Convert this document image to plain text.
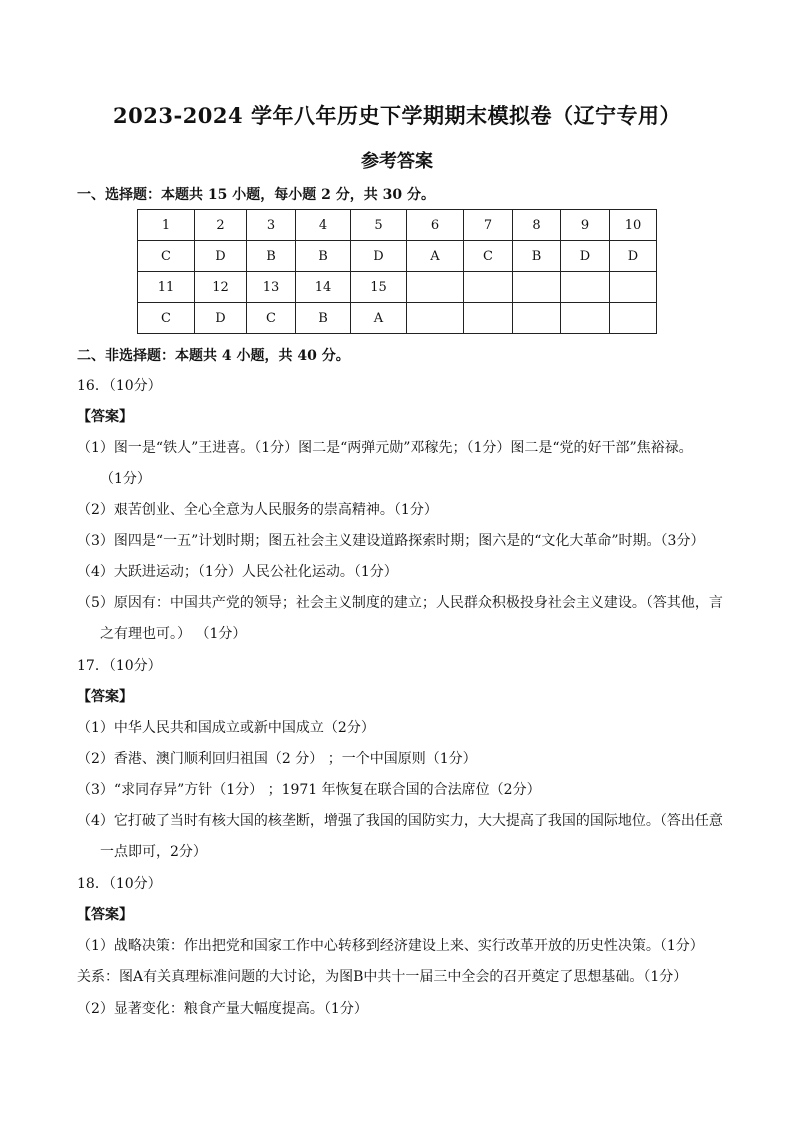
2023-2024 学年八年历史下学期期末模拟卷（辽宁专用）
参考答案
一、选择题：本题共 15 小题，每小题 2 分，共 30 分。
1	2	3	4	5	6	7	8	9	10
C	D	B	B	D	A	C	B	D	D
11	12	13	14	15					
C	D	C	B	A					
二、非选择题：本题共 4 小题，共 40 分。
16．（10分）
【答案】
（1）图一是“铁人”王进喜。（1分）图二是“两弹元勋”邓稼先；（1分）图二是“党的好干部”焦裕禄。
（1分）
（2）艰苦创业、全心全意为人民服务的崇高精神。（1分）
（3）图四是“一五”计划时期；图五社会主义建设道路探索时期；图六是的“文化大革命”时期。（3分）
（4）大跃进运动；（1分）人民公社化运动。（1分）
（5）原因有：中国共产党的领导；社会主义制度的建立；人民群众积极投身社会主义建设。（答其他，言
之有理也可。） （1分）
17．（10分）
【答案】
（1）中华人民共和国成立或新中国成立（2分）
（2）香港、澳门顺利回归祖国（2 分） ；一个中国原则（1分）
（3）“求同存异”方针（1分） ；1971 年恢复在联合国的合法席位（2分）
（4）它打破了当时有核大国的核垄断，增强了我国的国防实力，大大提高了我国的国际地位。（答出任意
一点即可，2分）
18．（10分）
【答案】
（1）战略决策：作出把党和国家工作中心转移到经济建设上来、实行改革开放的历史性决策。（1分）
关系：图A有关真理标准问题的大讨论，为图B中共十一届三中全会的召开奠定了思想基础。（1分）
（2）显著变化：粮食产量大幅度提高。（1分）
